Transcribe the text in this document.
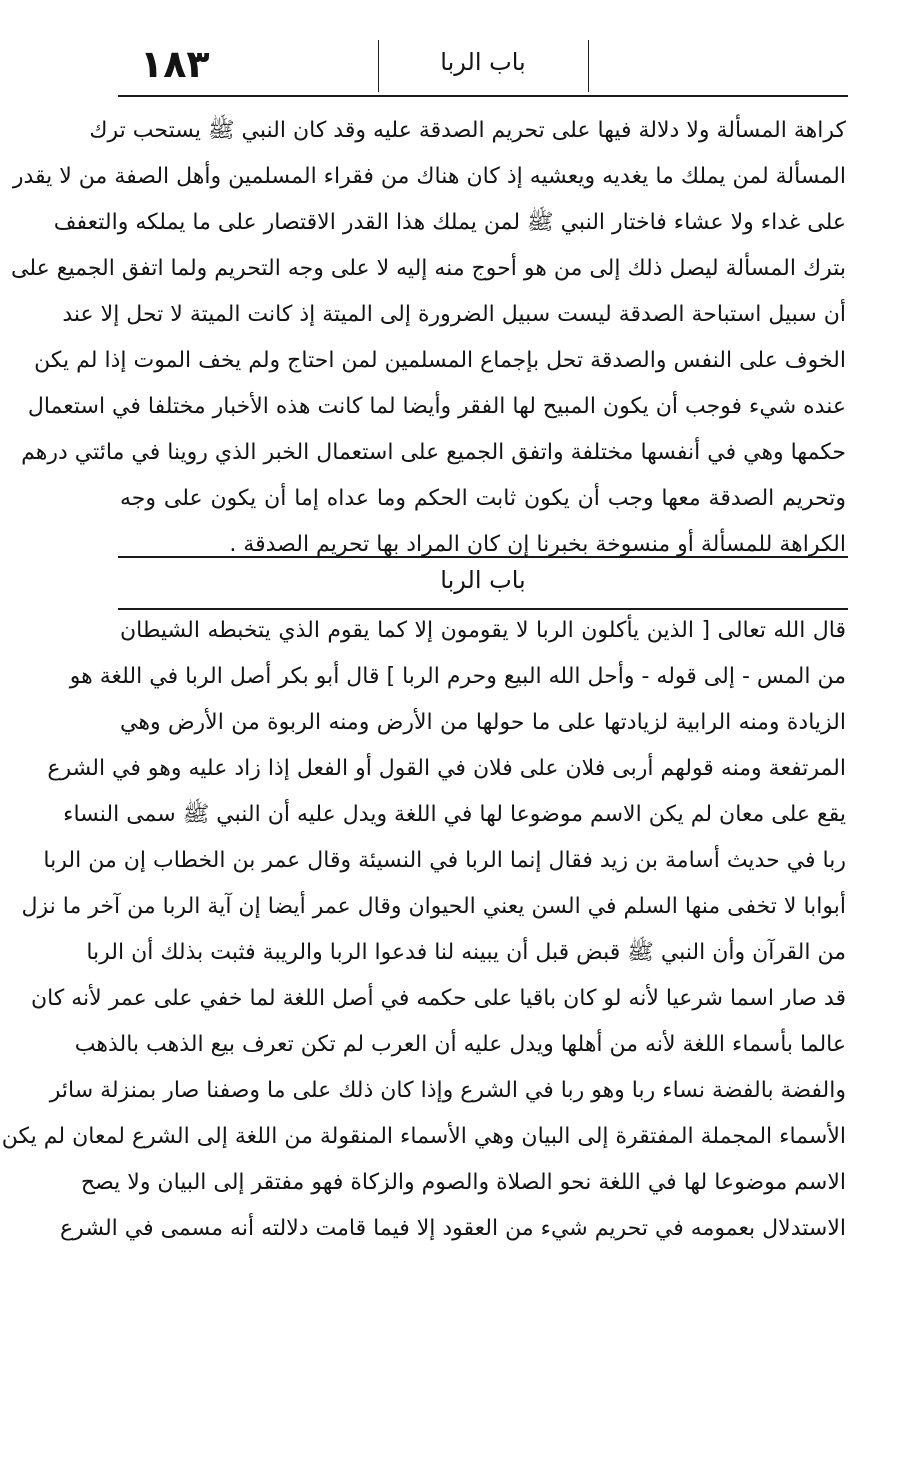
١٨٣	باب الربا
كراهة المسألة ولا دلالة فيها على تحريم الصدقة عليه وقد كان النبي ﷺ يستحب ترك
المسألة لمن يملك ما يغديه ويعشيه إذ كان هناك من فقراء المسلمين وأهل الصفة من لا يقدر
على غداء ولا عشاء فاختار النبي ﷺ لمن يملك هذا القدر الاقتصار على ما يملكه والتعفف
بترك المسألة ليصل ذلك إلى من هو أحوج منه إليه لا على وجه التحريم ولما اتفق الجميع على
أن سبيل استباحة الصدقة ليست سبيل الضرورة إلى الميتة إذ كانت الميتة لا تحل إلا عند
الخوف على النفس والصدقة تحل بإجماع المسلمين لمن احتاج ولم يخف الموت إذا لم يكن
عنده شيء فوجب أن يكون المبيح لها الفقر وأيضا لما كانت هذه الأخبار مختلفا في استعمال
حكمها وهي في أنفسها مختلفة واتفق الجميع على استعمال الخبر الذي روينا في مائتي درهم
وتحريم الصدقة معها وجب أن يكون ثابت الحكم وما عداه إما أن يكون على وجه
الكراهة للمسألة أو منسوخة بخبرنا إن كان المراد بها تحريم الصدقة .
باب الربا
قال الله تعالى [ الذين يأكلون الربا لا يقومون إلا كما يقوم الذي يتخبطه الشيطان
من المس - إلى قوله - وأحل الله البيع وحرم الربا ] قال أبو بكر أصل الربا في اللغة هو
الزيادة ومنه الرابية لزيادتها على ما حولها من الأرض ومنه الربوة من الأرض وهي
المرتفعة ومنه قولهم أربى فلان على فلان في القول أو الفعل إذا زاد عليه وهو في الشرع
يقع على معان لم يكن الاسم موضوعا لها في اللغة ويدل عليه أن النبي ﷺ سمى النساء
ربا في حديث أسامة بن زيد فقال إنما الربا في النسيئة وقال عمر بن الخطاب إن من الربا
أبوابا لا تخفى منها السلم في السن يعني الحيوان وقال عمر أيضا إن آية الربا من آخر ما نزل
من القرآن وأن النبي ﷺ قبض قبل أن يبينه لنا فدعوا الربا والريبة فثبت بذلك أن الربا
قد صار اسما شرعيا لأنه لو كان باقيا على حكمه في أصل اللغة لما خفي على عمر لأنه كان
عالما بأسماء اللغة لأنه من أهلها ويدل عليه أن العرب لم تكن تعرف بيع الذهب بالذهب
والفضة بالفضة نساء ربا وهو ربا في الشرع وإذا كان ذلك على ما وصفنا صار بمنزلة سائر
الأسماء المجملة المفتقرة إلى البيان وهي الأسماء المنقولة من اللغة إلى الشرع لمعان لم يكن
الاسم موضوعا لها في اللغة نحو الصلاة والصوم والزكاة فهو مفتقر إلى البيان ولا يصح
الاستدلال بعمومه في تحريم شيء من العقود إلا فيما قامت دلالته أنه مسمى في الشرع
